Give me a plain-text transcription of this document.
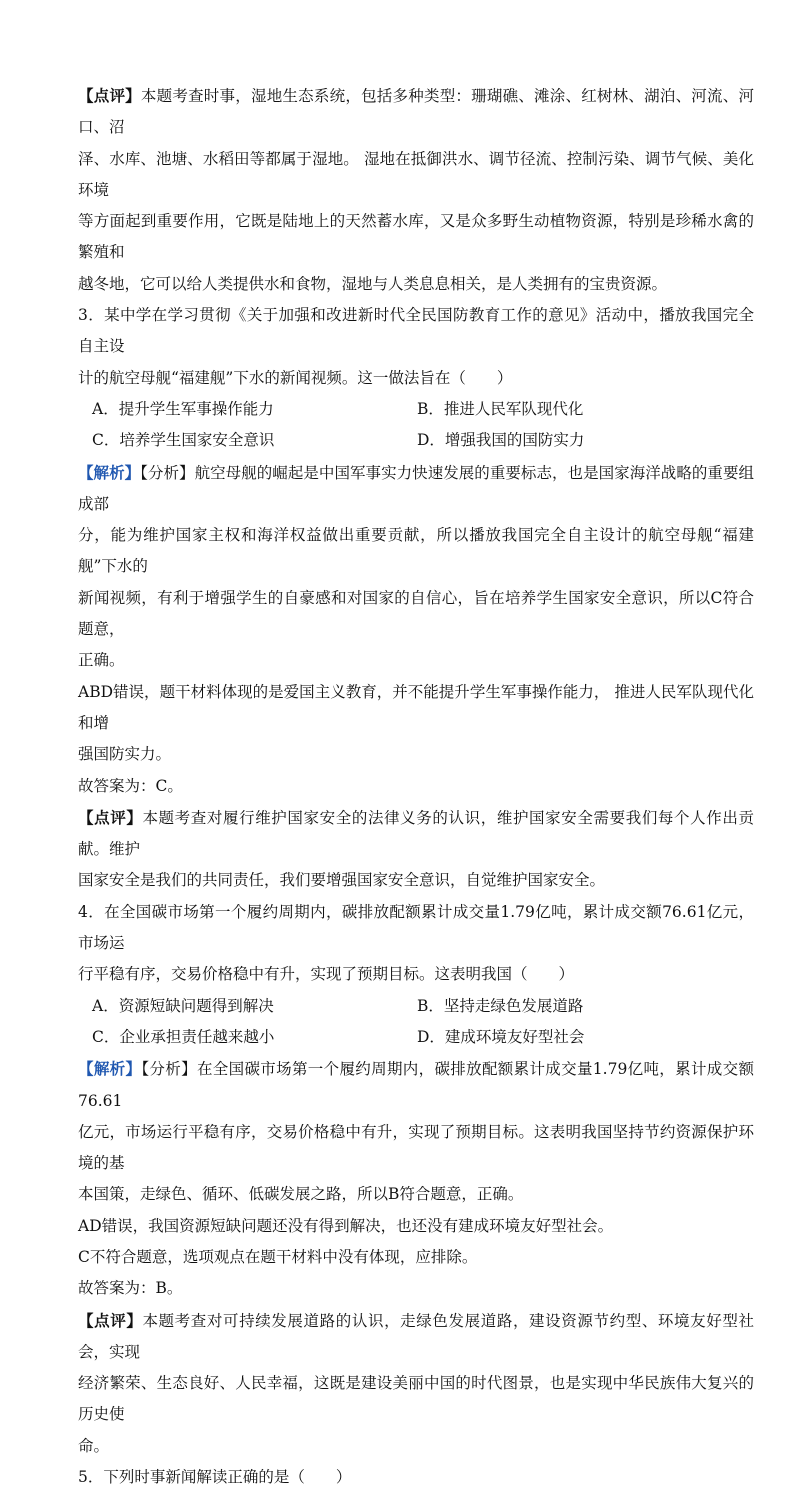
【点评】本题考查时事，湿地生态系统，包括多种类型：珊瑚礁、滩涂、红树林、湖泊、河流、河口、沼

泽、水库、池塘、水稻田等都属于湿地。 湿地在抵御洪水、调节径流、控制污染、调节气候、美化环境

等方面起到重要作用，它既是陆地上的天然蓄水库，又是众多野生动植物资源，特别是珍稀水禽的繁殖和

越冬地，它可以给人类提供水和食物，湿地与人类息息相关，是人类拥有的宝贵资源。

3．某中学在学习贯彻《关于加强和改进新时代全民国防教育工作的意见》活动中，播放我国完全自主设

计的航空母舰“福建舰”下水的新闻视频。这一做法旨在（　　）

A．提升学生军事操作能力	B．推进人民军队现代化
C．培养学生国家安全意识	D．增强我国的国防实力

【解析】【分析】航空母舰的崛起是中国军事实力快速发展的重要标志，也是国家海洋战略的重要组成部

分，能为维护国家主权和海洋权益做出重要贡献，所以播放我国完全自主设计的航空母舰“福建舰”下水的

新闻视频，有利于增强学生的自豪感和对国家的自信心，旨在培养学生国家安全意识，所以C符合题意，

正确。

ABD错误，题干材料体现的是爱国主义教育，并不能提升学生军事操作能力， 推进人民军队现代化和增

强国防实力。

故答案为：C。

【点评】本题考查对履行维护国家安全的法律义务的认识，维护国家安全需要我们每个人作出贡献。维护

国家安全是我们的共同责任，我们要增强国家安全意识，自觉维护国家安全。

4．在全国碳市场第一个履约周期内，碳排放配额累计成交量1.79亿吨，累计成交额76.61亿元，市场运

行平稳有序，交易价格稳中有升，实现了预期目标。这表明我国（　　）

A．资源短缺问题得到解决	B．坚持走绿色发展道路
C．企业承担责任越来越小	D．建成环境友好型社会

【解析】【分析】在全国碳市场第一个履约周期内，碳排放配额累计成交量1.79亿吨，累计成交额76.61

亿元，市场运行平稳有序，交易价格稳中有升，实现了预期目标。这表明我国坚持节约资源保护环境的基

本国策，走绿色、循环、低碳发展之路，所以B符合题意，正确。

AD错误，我国资源短缺问题还没有得到解决，也还没有建成环境友好型社会。

C不符合题意，选项观点在题干材料中没有体现，应排除。

故答案为：B。

【点评】本题考查对可持续发展道路的认识，走绿色发展道路，建设资源节约型、环境友好型社会，实现

经济繁荣、生态良好、人民幸福，这既是建设美丽中国的时代图景，也是实现中华民族伟大复兴的历史使

命。

5．下列时事新闻解读正确的是（　　）
